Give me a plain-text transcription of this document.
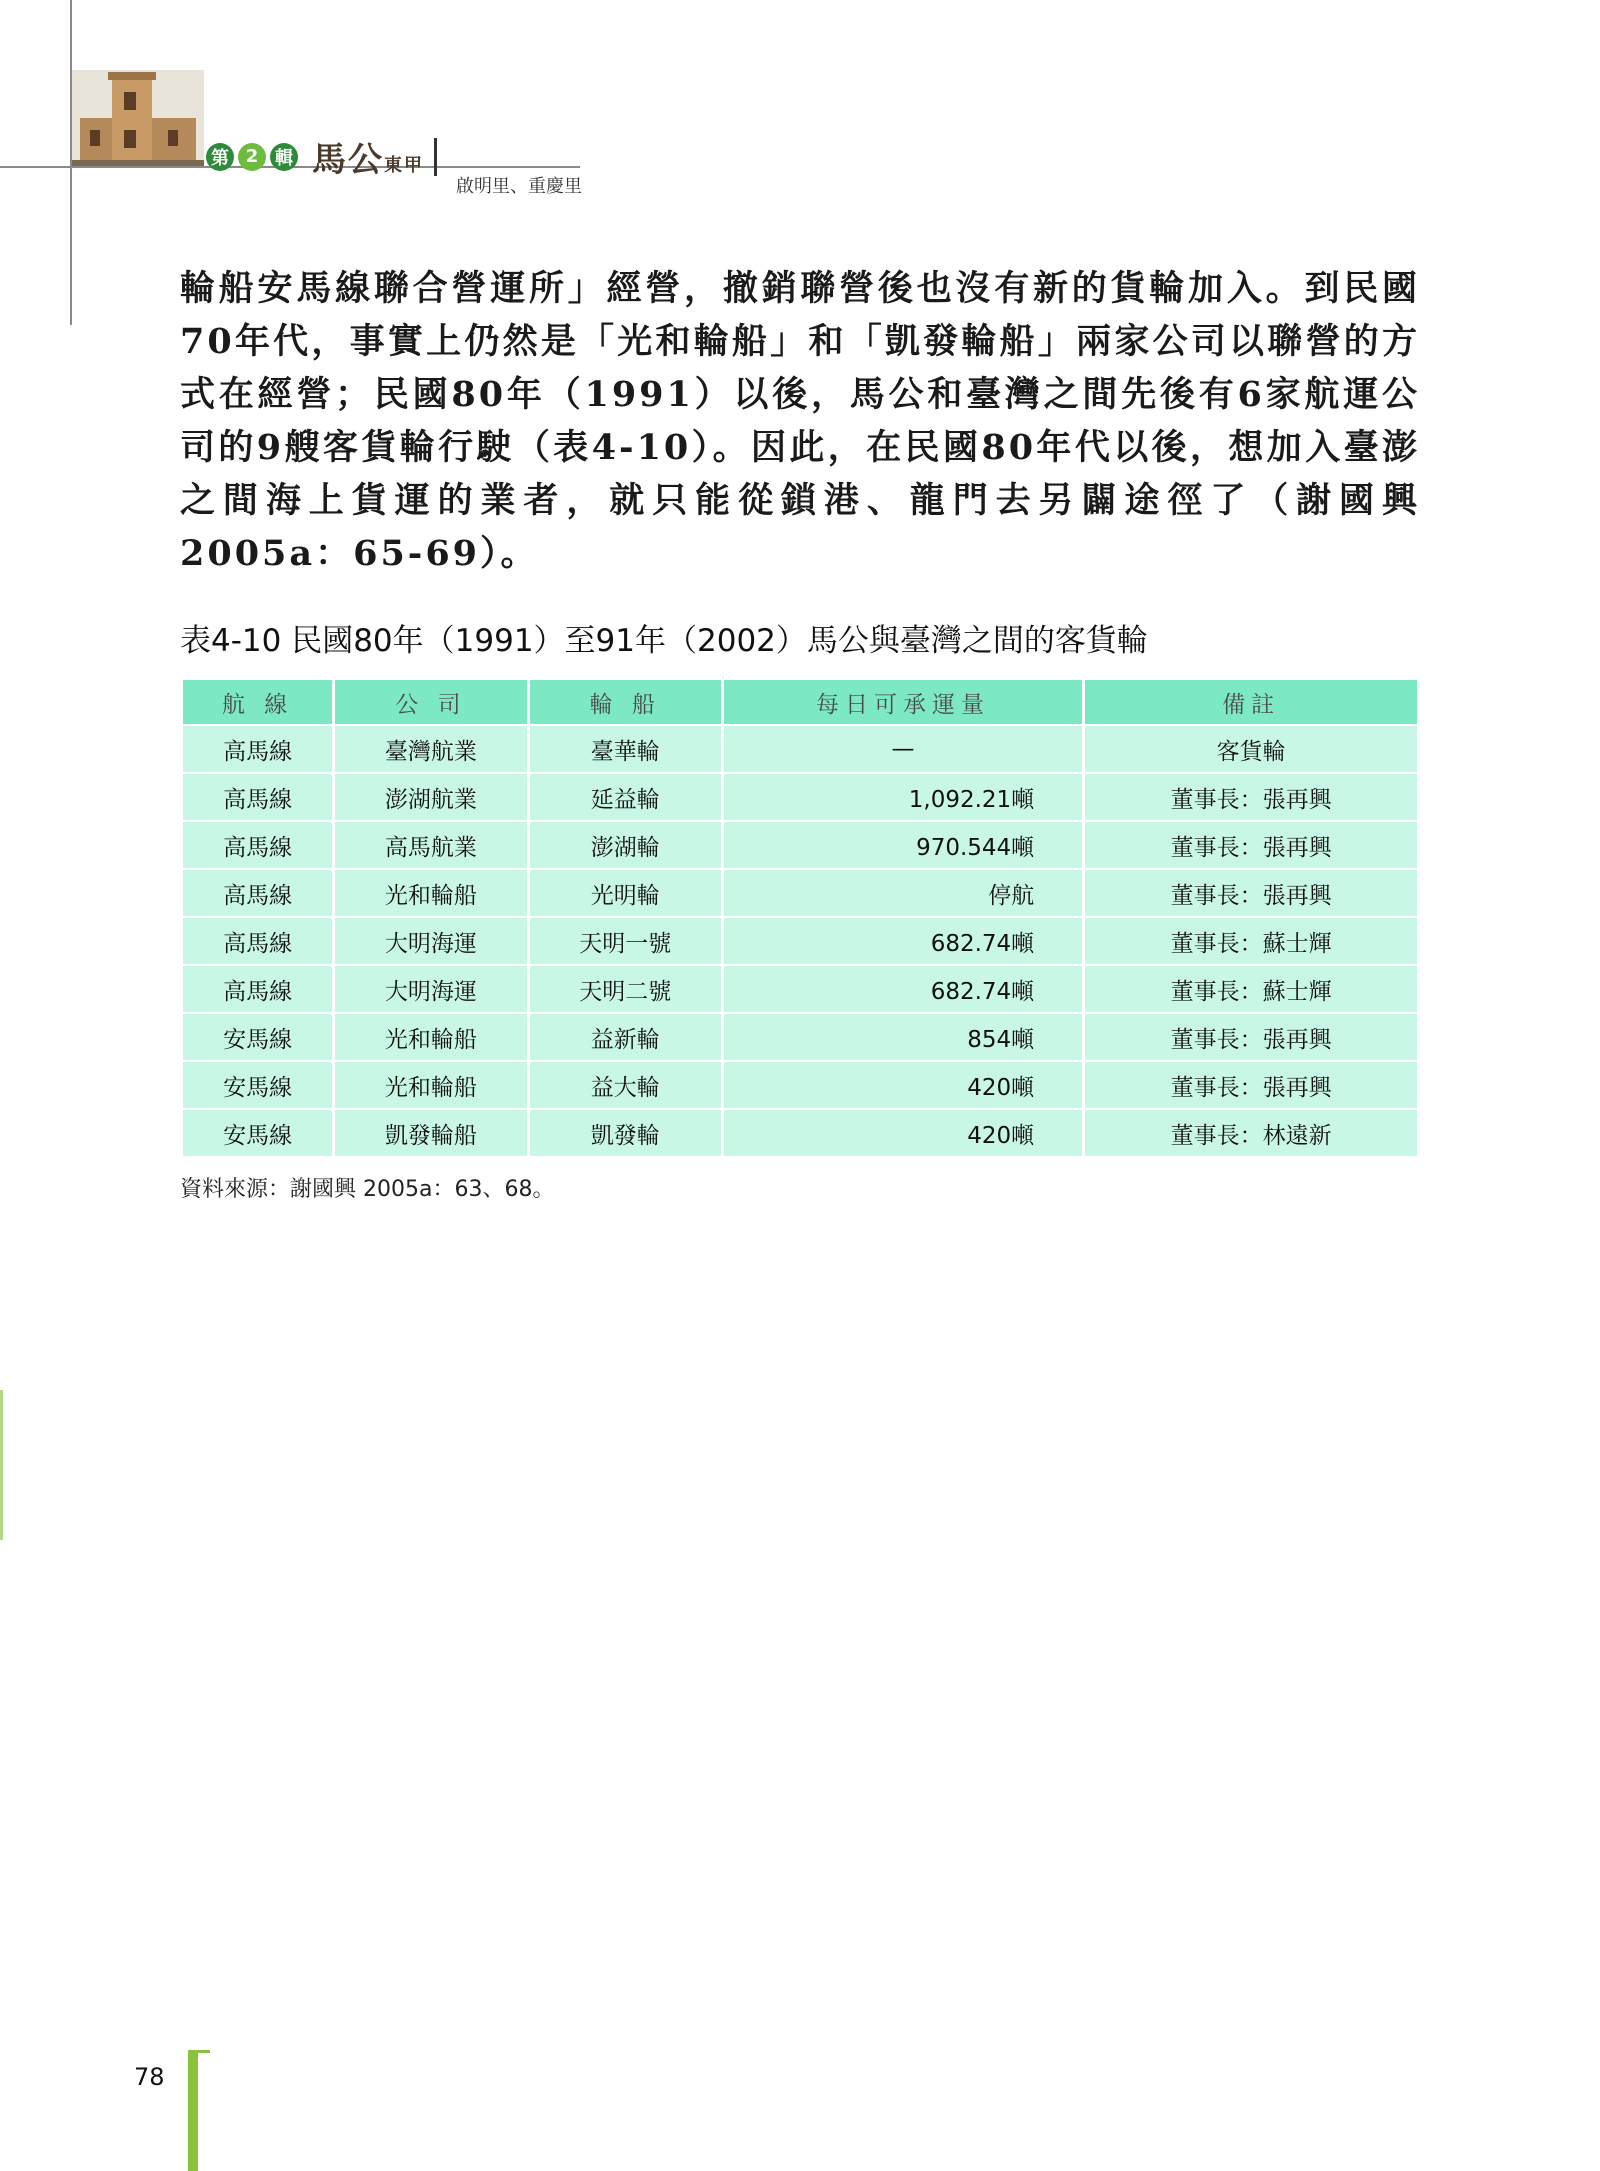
第 2 輯 馬公東甲
啟明里、重慶里
輪船安馬線聯合營運所」經營，撤銷聯營後也沒有新的貨輪加入。到民國70年代，事實上仍然是「光和輪船」和「凱發輪船」兩家公司以聯營的方式在經營；民國80年（1991）以後，馬公和臺灣之間先後有6家航運公司的9艘客貨輪行駛（表4-10）。因此，在民國80年代以後，想加入臺澎之間海上貨運的業者，就只能從鎖港、龍門去另闢途徑了（謝國興 2005a：65-69）。
表4-10 民國80年（1991）至91年（2002）馬公與臺灣之間的客貨輪
航 線	公 司	輪 船	每日可承運量	備註
高馬線	臺灣航業	臺華輪	—	客貨輪
高馬線	澎湖航業	延益輪	1,092.21噸	董事長：張再興
高馬線	高馬航業	澎湖輪	970.544噸	董事長：張再興
高馬線	光和輪船	光明輪	停航	董事長：張再興
高馬線	大明海運	天明一號	682.74噸	董事長：蘇士輝
高馬線	大明海運	天明二號	682.74噸	董事長：蘇士輝
安馬線	光和輪船	益新輪	854噸	董事長：張再興
安馬線	光和輪船	益大輪	420噸	董事長：張再興
安馬線	凱發輪船	凱發輪	420噸	董事長：林遠新
資料來源：謝國興 2005a：63、68。
78
